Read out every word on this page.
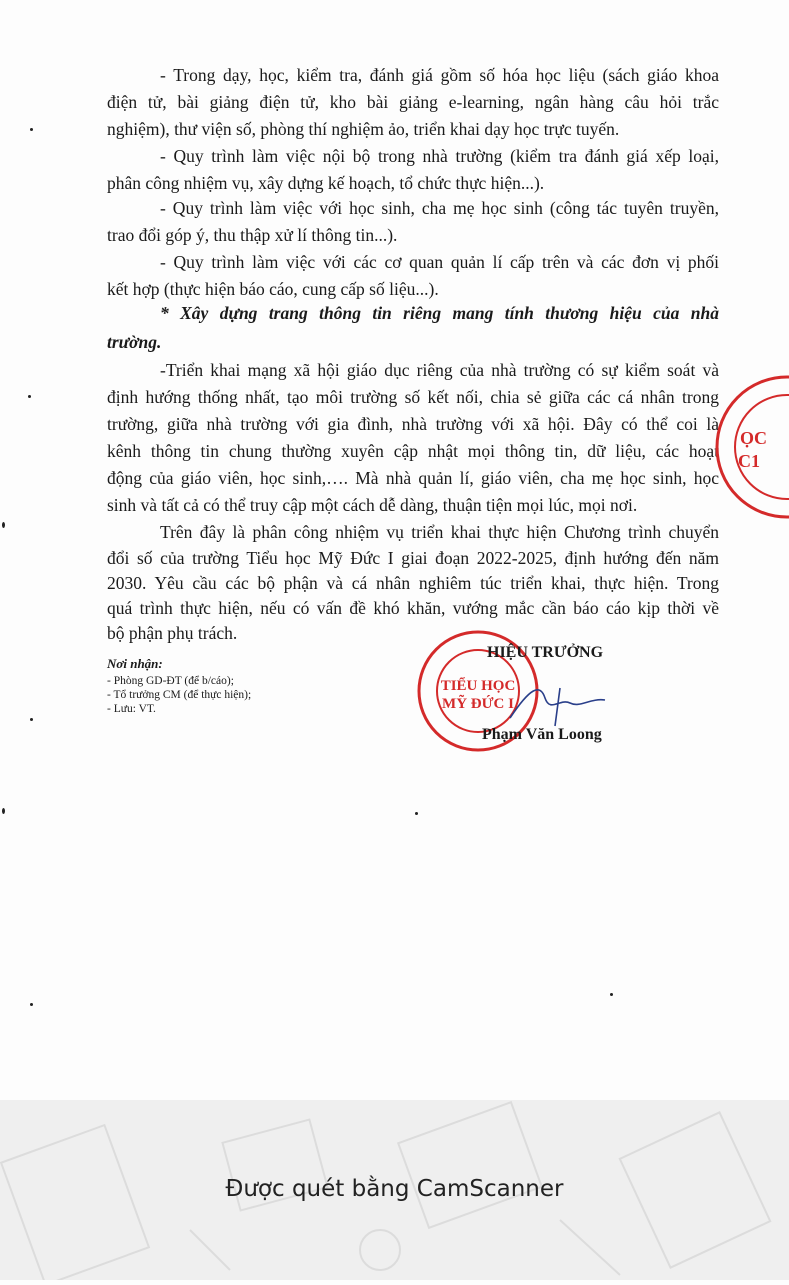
- Trong dạy, học, kiểm tra, đánh giá gồm số hóa học liệu (sách giáo khoa
điện tử, bài giảng điện tử, kho bài giảng e-learning, ngân hàng câu hỏi trắc
nghiệm), thư viện số, phòng thí nghiệm ảo, triển khai dạy học trực tuyến.
- Quy trình làm việc nội bộ trong nhà trường (kiểm tra đánh giá xếp loại,
phân công nhiệm vụ, xây dựng kế hoạch, tổ chức thực hiện...).
- Quy trình làm việc với học sinh, cha mẹ học sinh (công tác tuyên truyền,
trao đổi góp ý, thu thập xử lí thông tin...).
- Quy trình làm việc với các cơ quan quản lí cấp trên và các đơn vị phối
kết hợp (thực hiện báo cáo, cung cấp số liệu...).
* Xây dựng trang thông tin riêng mang tính thương hiệu của nhà
trường.
-Triển khai mạng xã hội giáo dục riêng của nhà trường có sự kiểm soát và
định hướng thống nhất, tạo môi trường số kết nối, chia sẻ giữa các cá nhân trong
trường, giữa nhà trường với gia đình, nhà trường với xã hội. Đây có thể coi là
kênh thông tin chung thường xuyên cập nhật mọi thông tin, dữ liệu, các hoạt
động của giáo viên, học sinh,…. Mà nhà quản lí, giáo viên, cha mẹ học sinh, học
sinh và tất cả có thể truy cập một cách dễ dàng, thuận tiện mọi lúc, mọi nơi.
Trên đây là phân công nhiệm vụ triển khai thực hiện Chương trình chuyển
đổi số của trường Tiểu học Mỹ Đức I giai đoạn 2022-2025, định hướng đến năm
2030. Yêu cầu các bộ phận và cá nhân nghiêm túc triển khai, thực hiện. Trong
quá trình thực hiện, nếu có vấn đề khó khăn, vướng mắc cần báo cáo kịp thời về
bộ phận phụ trách.
Nơi nhận:
- Phòng GD-ĐT (để b/cáo);
- Tổ trưởng CM (để thực hiện);
- Lưu: VT.
TIỂU HỌC
MỸ ĐỨC I
HIỆU TRƯỞNG
Phạm Văn Loong
ỌC
C1
Được quét bằng CamScanner
